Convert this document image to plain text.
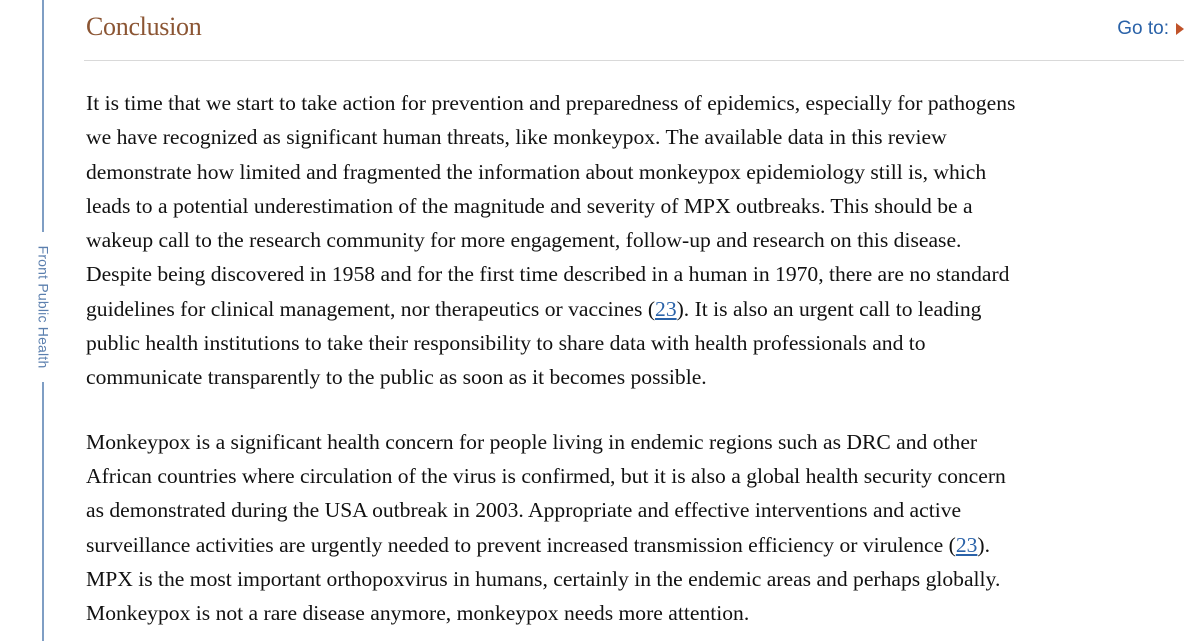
Front Public Health
Conclusion	Go to:

It is time that we start to take action for prevention and preparedness of epidemics, especially for pathogens
we have recognized as significant human threats, like monkeypox. The available data in this review
demonstrate how limited and fragmented the information about monkeypox epidemiology still is, which
leads to a potential underestimation of the magnitude and severity of MPX outbreaks. This should be a
wakeup call to the research community for more engagement, follow-up and research on this disease.
Despite being discovered in 1958 and for the first time described in a human in 1970, there are no standard
guidelines for clinical management, nor therapeutics or vaccines (23). It is also an urgent call to leading
public health institutions to take their responsibility to share data with health professionals and to
communicate transparently to the public as soon as it becomes possible.

Monkeypox is a significant health concern for people living in endemic regions such as DRC and other
African countries where circulation of the virus is confirmed, but it is also a global health security concern
as demonstrated during the USA outbreak in 2003. Appropriate and effective interventions and active
surveillance activities are urgently needed to prevent increased transmission efficiency or virulence (23).
MPX is the most important orthopoxvirus in humans, certainly in the endemic areas and perhaps globally.
Monkeypox is not a rare disease anymore, monkeypox needs more attention.
